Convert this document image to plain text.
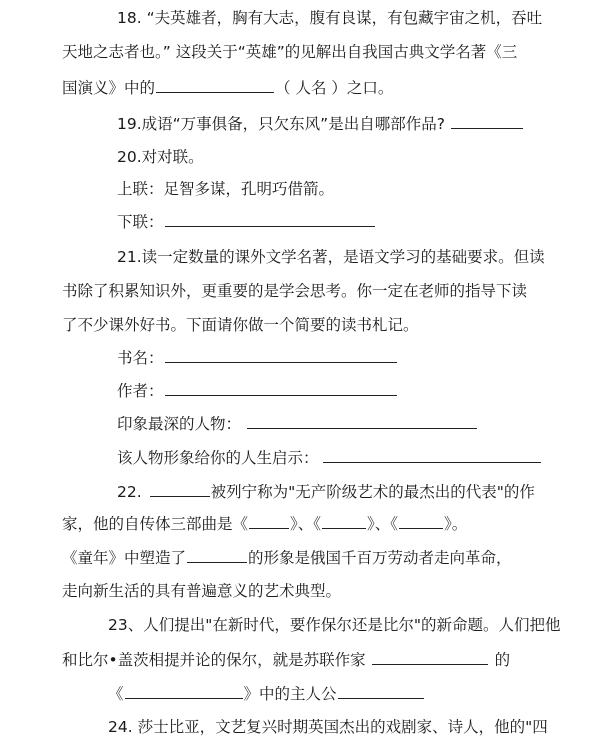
18. “夫英雄者，胸有大志，腹有良谋，有包藏宇宙之机，吞吐
天地之志者也。” 这段关于“英雄”的见解出自我国古典文学名著《三
国演义》中的	（ 人名 ）之口。
19.成语“万事俱备，只欠东风”是出自哪部作品?
20.对对联。
上联：足智多谋，孔明巧借箭。
下联：
21.读一定数量的课外文学名著，是语文学习的基础要求。但读
书除了积累知识外，更重要的是学会思考。你一定在老师的指导下读
了不少课外好书。下面请你做一个简要的读书札记。
书名：
作者：
印象最深的人物：
该人物形象给你的人生启示：
22.	被列宁称为"无产阶级艺术的最杰出的代表"的作
家，他的自传体三部曲是《	》、《	》、《	》。
《童年》中塑造了	的形象是俄国千百万劳动者走向革命，
走向新生活的具有普遍意义的艺术典型。
23、人们提出"在新时代，要作保尔还是比尔"的新命题。人们把他
和比尔•盖茨相提并论的保尔，就是苏联作家	的
《	》中的主人公
24. 莎士比亚，文艺复兴时期英国杰出的戏剧家、诗人，他的"四
